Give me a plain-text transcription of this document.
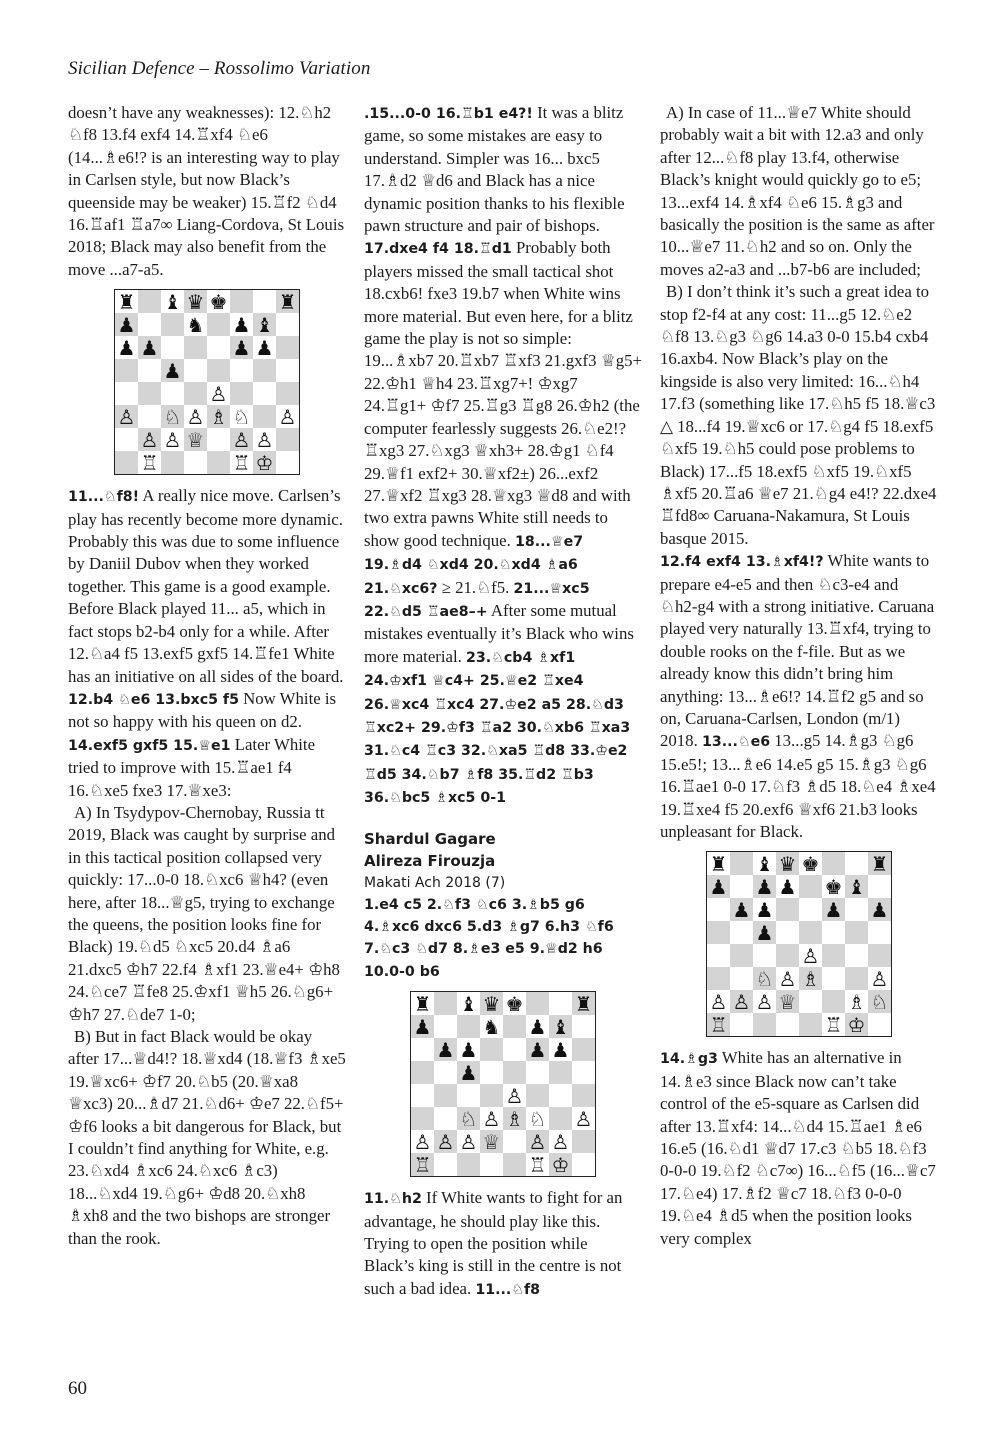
Sicilian Defence – Rossolimo Variation

doesn’t have any weaknesses): 12.♘h2 ♘f8 13.f4 exf4 14.♖xf4 ♘e6 (14...♗e6!? is an interesting way to play in Carlsen style, but now Black’s queenside may be weaker) 15.♖f2 ♘d4 16.♖af1 ♖a7∞ Liang-Cordova, St Louis 2018; Black may also benefit from the move ...a7-a5.

♜ ♝ ♛ ♚	♜
♟	♞ ♟ ♝
♟ ♟	♟ ♟
♟
♙
♙ ♘ ♙ ♗ ♘ ♙
♙ ♙ ♕ ♙ ♙
♖	♖ ♔

11...♘f8! A really nice move. Carlsen’s play has recently become more dynamic. Probably this was due to some influence by Daniil Dubov when they worked together. This game is a good example. Before Black played 11... a5, which in fact stops b2-b4 only for a while. After 12.♘a4 f5 13.exf5 gxf5 14.♖fe1 White has an initiative on all sides of the board. 12.b4 ♘e6 13.bxc5 f5 Now White is not so happy with his queen on d2. 14.exf5 gxf5 15.♕e1 Later White tried to improve with 15.♖ae1 f4 16.♘xe5 fxe3 17.♕xe3:

A) In Tsydypov-Chernobay, Russia tt 2019, Black was caught by surprise and in this tactical position collapsed very quickly: 17...0-0 18.♘xc6 ♕h4? (even here, after 18...♕g5, trying to exchange the queens, the position looks fine for Black) 19.♘d5 ♘xc5 20.d4 ♗a6 21.dxc5 ♔h7 22.f4 ♗xf1 23.♕e4+ ♔h8 24.♘ce7 ♖fe8 25.♔xf1 ♕h5 26.♘g6+ ♔h7 27.♘de7 1-0;

B) But in fact Black would be okay after 17...♕d4!? 18.♕xd4 (18.♕f3 ♗xe5 19.♕xc6+ ♔f7 20.♘b5 (20.♕xa8 ♕xc3) 20...♗d7 21.♘d6+ ♔e7 22.♘f5+ ♔f6 looks a bit dangerous for Black, but I couldn’t find anything for White, e.g. 23.♘xd4 ♗xc6 24.♘xc6 ♗c3) 18...♘xd4 19.♘g6+ ♔d8 20.♘xh8 ♗xh8 and the two bishops are stronger than the rook.

.15...0-0 16.♖b1 e4?! It was a blitz game, so some mistakes are easy to understand. Simpler was 16... bxc5 17.♗d2 ♕d6 and Black has a nice dynamic position thanks to his flexible pawn structure and pair of bishops. 17.dxe4 f4 18.♖d1 Probably both players missed the small tactical shot 18.cxb6! fxe3 19.b7 when White wins more material. But even here, for a blitz game the play is not so simple: 19...♗xb7 20.♖xb7 ♖xf3 21.gxf3 ♕g5+ 22.♔h1 ♕h4 23.♖xg7+! ♔xg7 24.♖g1+ ♔f7 25.♖g3 ♖g8 26.♔h2 (the computer fearlessly suggests 26.♘e2!? ♖xg3 27.♘xg3 ♕xh3+ 28.♔g1 ♘f4 29.♕f1 exf2+ 30.♕xf2±) 26...exf2 27.♕xf2 ♖xg3 28.♕xg3 ♕d8 and with two extra pawns White still needs to show good technique. 18...♕e7 19.♗d4 ♘xd4 20.♘xd4 ♗a6 21.♘xc6? ≥ 21.♘f5. 21...♕xc5 22.♘d5 ♖ae8–+ After some mutual mistakes eventually it’s Black who wins more material. 23.♘cb4 ♗xf1 24.♔xf1 ♕c4+ 25.♕e2 ♖xe4 26.♕xc4 ♖xc4 27.♔e2 a5 28.♘d3 ♖xc2+ 29.♔f3 ♖a2 30.♘xb6 ♖xa3 31.♘c4 ♖c3 32.♘xa5 ♖d8 33.♔e2 ♖d5 34.♘b7 ♗f8 35.♖d2 ♖b3 36.♘bc5 ♗xc5 0-1

Shardul Gagare

Alireza Firouzja

Makati Ach 2018 (7)

1.e4 c5 2.♘f3 ♘c6 3.♗b5 g6 4.♗xc6 dxc6 5.d3 ♗g7 6.h3 ♘f6 7.♘c3 ♘d7 8.♗e3 e5 9.♕d2 h6 10.0-0 b6

♜ ♝ ♛ ♚	♜
♟	♞ ♟ ♝
♟ ♟	♟ ♟
♟
♙
♘ ♙ ♗ ♘ ♙
♙ ♙ ♙ ♕ ♙ ♙
♖	♖ ♔

11.♘h2 If White wants to fight for an advantage, he should play like this. Trying to open the position while Black’s king is still in the centre is not such a bad idea. 11...♘f8

A) In case of 11...♕e7 White should probably wait a bit with 12.a3 and only after 12...♘f8 play 13.f4, otherwise Black’s knight would quickly go to e5; 13...exf4 14.♗xf4 ♘e6 15.♗g3 and basically the position is the same as after 10...♕e7 11.♘h2 and so on. Only the moves a2-a3 and ...b7-b6 are included;

B) I don’t think it’s such a great idea to stop f2-f4 at any cost: 11...g5 12.♘e2 ♘f8 13.♘g3 ♘g6 14.a3 0-0 15.b4 cxb4 16.axb4. Now Black’s play on the kingside is also very limited: 16...♘h4 17.f3 (something like 17.♘h5 f5 18.♕c3 △ 18...f4 19.♕xc6 or 17.♘g4 f5 18.exf5 ♘xf5 19.♘h5 could pose problems to Black) 17...f5 18.exf5 ♘xf5 19.♘xf5 ♗xf5 20.♖a6 ♕e7 21.♘g4 e4!? 22.dxe4 ♖fd8∞ Caruana-Nakamura, St Louis basque 2015.

12.f4 exf4 13.♗xf4!? White wants to prepare e4-e5 and then ♘c3-e4 and ♘h2-g4 with a strong initiative. Caruana played very naturally 13.♖xf4, trying to double rooks on the f-file. But as we already know this didn’t bring him anything: 13...♗e6!? 14.♖f2 g5 and so on, Caruana-Carlsen, London (m/1) 2018. 13...♘e6 13...g5 14.♗g3 ♘g6 15.e5!; 13...♗e6 14.e5 g5 15.♗g3 ♘g6 16.♖ae1 0-0 17.♘f3 ♗d5 18.♘e4 ♗xe4 19.♖xe4 f5 20.exf6 ♕xf6 21.b3 looks unpleasant for Black.

♜ ♝ ♛ ♚	♜
♟ ♟ ♟ ♚ ♝
♟ ♟	♟ ♟
♟
♙
♘ ♙ ♗	♙
♙ ♙ ♙ ♕	♗ ♘
♖	♖ ♔

14.♗g3 White has an alternative in 14.♗e3 since Black now can’t take control of the e5-square as Carlsen did after 13.♖xf4: 14...♘d4 15.♖ae1 ♗e6 16.e5 (16.♘d1 ♕d7 17.c3 ♘b5 18.♘f3 0-0-0 19.♘f2 ♘c7∞) 16...♘f5 (16...♕c7 17.♘e4) 17.♗f2 ♕c7 18.♘f3 0-0-0 19.♘e4 ♗d5 when the position looks very complex

60
